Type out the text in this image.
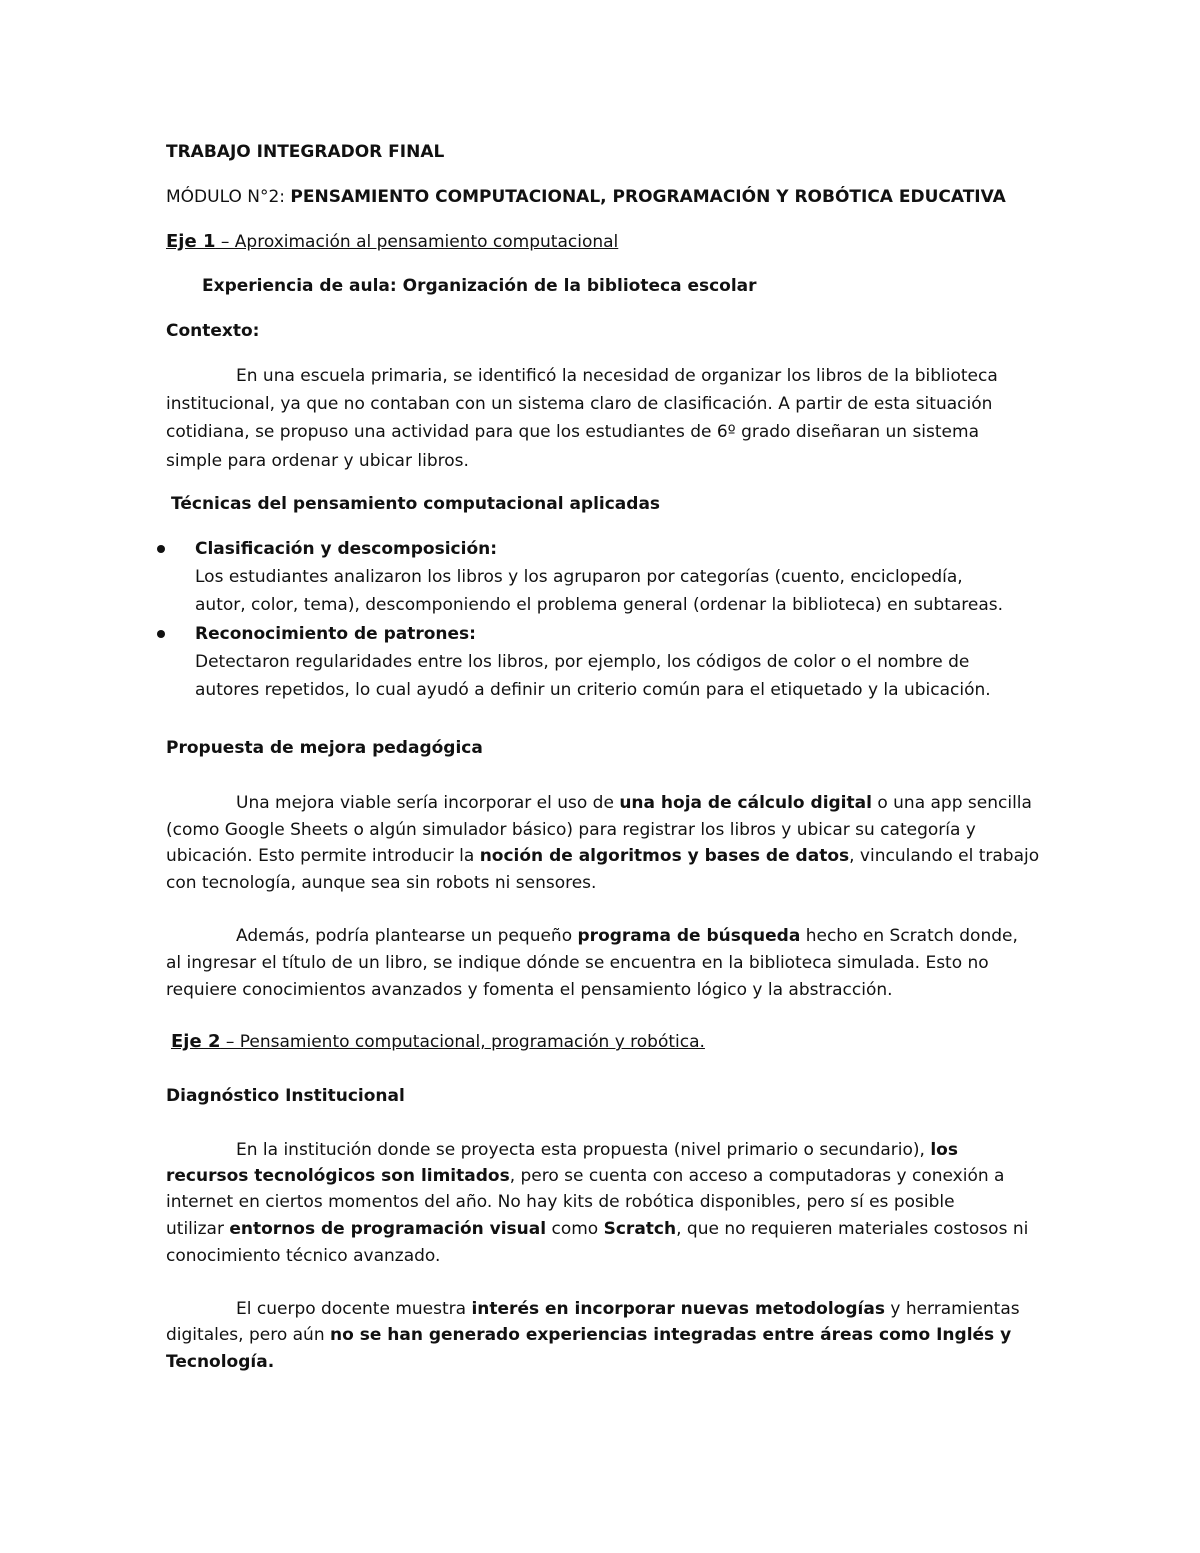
TRABAJO INTEGRADOR FINAL
MÓDULO N°2: PENSAMIENTO COMPUTACIONAL, PROGRAMACIÓN Y ROBÓTICA EDUCATIVA
Eje 1 – Aproximación al pensamiento computacional
Experiencia de aula: Organización de la biblioteca escolar
Contexto:
En una escuela primaria, se identificó la necesidad de organizar los libros de la biblioteca
institucional, ya que no contaban con un sistema claro de clasificación. A partir de esta situación
cotidiana, se propuso una actividad para que los estudiantes de 6º grado diseñaran un sistema
simple para ordenar y ubicar libros.
Técnicas del pensamiento computacional aplicadas
Clasificación y descomposición:
Los estudiantes analizaron los libros y los agruparon por categorías (cuento, enciclopedía,
autor, color, tema), descomponiendo el problema general (ordenar la biblioteca) en subtareas.
Reconocimiento de patrones:
Detectaron regularidades entre los libros, por ejemplo, los códigos de color o el nombre de
autores repetidos, lo cual ayudó a definir un criterio común para el etiquetado y la ubicación.
Propuesta de mejora pedagógica
Una mejora viable sería incorporar el uso de una hoja de cálculo digital o una app sencilla
(como Google Sheets o algún simulador básico) para registrar los libros y ubicar su categoría y
ubicación. Esto permite introducir la noción de algoritmos y bases de datos, vinculando el trabajo
con tecnología, aunque sea sin robots ni sensores.
Además, podría plantearse un pequeño programa de búsqueda hecho en Scratch donde,
al ingresar el título de un libro, se indique dónde se encuentra en la biblioteca simulada. Esto no
requiere conocimientos avanzados y fomenta el pensamiento lógico y la abstracción.
Eje 2 – Pensamiento computacional, programación y robótica.
Diagnóstico Institucional
En la institución donde se proyecta esta propuesta (nivel primario o secundario), los
recursos tecnológicos son limitados, pero se cuenta con acceso a computadoras y conexión a
internet en ciertos momentos del año. No hay kits de robótica disponibles, pero sí es posible
utilizar entornos de programación visual como Scratch, que no requieren materiales costosos ni
conocimiento técnico avanzado.
El cuerpo docente muestra interés en incorporar nuevas metodologías y herramientas
digitales, pero aún no se han generado experiencias integradas entre áreas como Inglés y
Tecnología.
